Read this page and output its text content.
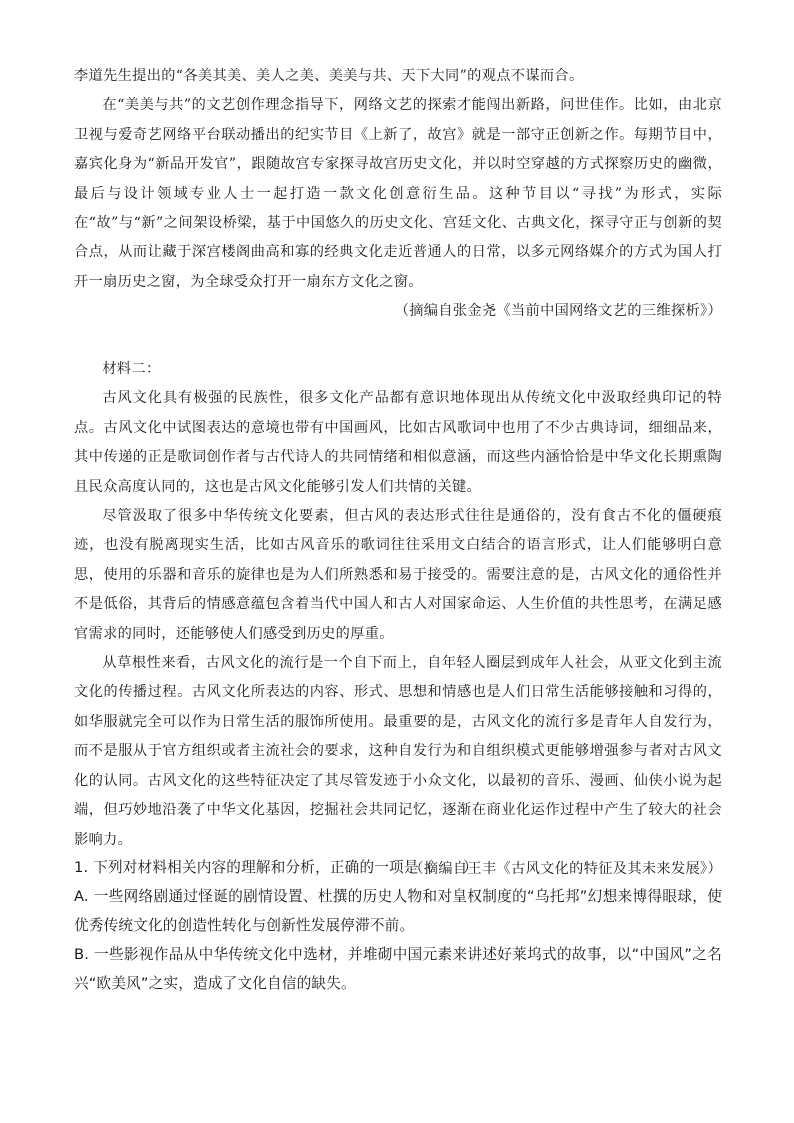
李道先生提出的“各美其美、美人之美、美美与共、天下大同”的观点不谋而合。

在“美美与共”的文艺创作理念指导下，网络文艺的探索才能闯出新路，问世佳作。比如，由北京卫视与爱奇艺网络平台联动播出的纪实节目《上新了，故宫》就是一部守正创新之作。每期节目中，嘉宾化身为“新品开发官”，跟随故宫专家探寻故宫历史文化，并以时空穿越的方式探察历史的幽微，最后与设计领域专业人士一起打造一款文化创意衍生品。这种节目以“寻找”为形式，实际在“故”与“新”之间架设桥梁，基于中国悠久的历史文化、宫廷文化、古典文化，探寻守正与创新的契合点，从而让藏于深宫楼阁曲高和寡的经典文化走近普通人的日常，以多元网络媒介的方式为国人打开一扇历史之窗，为全球受众打开一扇东方文化之窗。

（摘编自张金尧《当前中国网络文艺的三维探析》）

材料二：

古风文化具有极强的民族性，很多文化产品都有意识地体现出从传统文化中汲取经典印记的特点。古风文化中试图表达的意境也带有中国画风，比如古风歌词中也用了不少古典诗词，细细品来，其中传递的正是歌词创作者与古代诗人的共同情绪和相似意涵，而这些内涵恰恰是中华文化长期熏陶且民众高度认同的，这也是古风文化能够引发人们共情的关键。

尽管汲取了很多中华传统文化要素，但古风的表达形式往往是通俗的，没有食古不化的僵硬痕迹，也没有脱离现实生活，比如古风音乐的歌词往往采用文白结合的语言形式，让人们能够明白意思，使用的乐器和音乐的旋律也是为人们所熟悉和易于接受的。需要注意的是，古风文化的通俗性并不是低俗，其背后的情感意蕴包含着当代中国人和古人对国家命运、人生价值的共性思考，在满足感官需求的同时，还能够使人们感受到历史的厚重。

从草根性来看，古风文化的流行是一个自下而上，自年轻人圈层到成年人社会，从亚文化到主流文化的传播过程。古风文化所表达的内容、形式、思想和情感也是人们日常生活能够接触和习得的，如华服就完全可以作为日常生活的服饰所使用。最重要的是，古风文化的流行多是青年人自发行为，而不是服从于官方组织或者主流社会的要求，这种自发行为和自组织模式更能够增强参与者对古风文化的认同。古风文化的这些特征决定了其尽管发迹于小众文化，以最初的音乐、漫画、仙侠小说为起端，但巧妙地沿袭了中华文化基因，挖掘社会共同记忆，逐渐在商业化运作过程中产生了较大的社会影响力。

（摘编自王丰《古风文化的特征及其未来发展》）

1. 下列对材料相关内容的理解和分析，正确的一项是（　　）

A. 一些网络剧通过怪诞的剧情设置、杜撰的历史人物和对皇权制度的“乌托邦”幻想来博得眼球，使优秀传统文化的创造性转化与创新性发展停滞不前。

B. 一些影视作品从中华传统文化中选材，并堆砌中国元素来讲述好莱坞式的故事，以“中国风”之名兴“欧美风”之实，造成了文化自信的缺失。
